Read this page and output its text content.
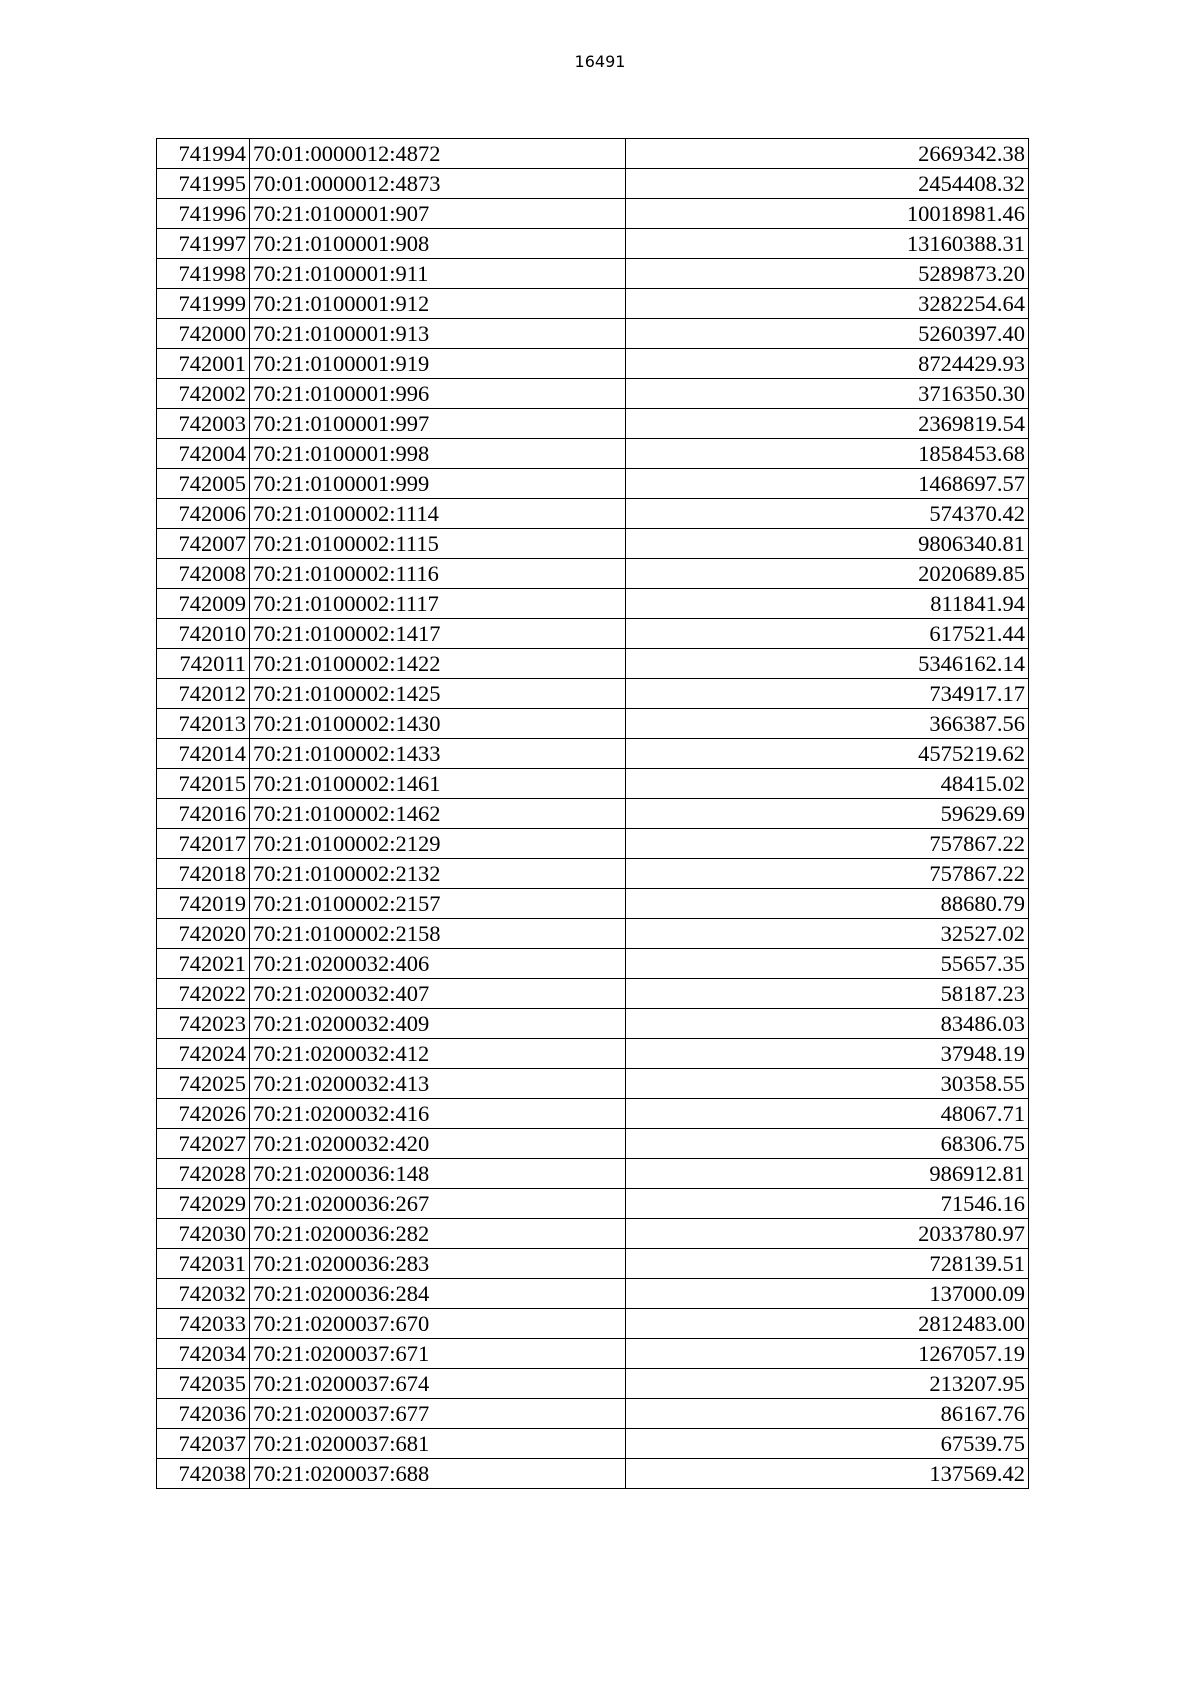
16491
741994	70:01:0000012:4872	2669342.38
741995	70:01:0000012:4873	2454408.32
741996	70:21:0100001:907	10018981.46
741997	70:21:0100001:908	13160388.31
741998	70:21:0100001:911	5289873.20
741999	70:21:0100001:912	3282254.64
742000	70:21:0100001:913	5260397.40
742001	70:21:0100001:919	8724429.93
742002	70:21:0100001:996	3716350.30
742003	70:21:0100001:997	2369819.54
742004	70:21:0100001:998	1858453.68
742005	70:21:0100001:999	1468697.57
742006	70:21:0100002:1114	574370.42
742007	70:21:0100002:1115	9806340.81
742008	70:21:0100002:1116	2020689.85
742009	70:21:0100002:1117	811841.94
742010	70:21:0100002:1417	617521.44
742011	70:21:0100002:1422	5346162.14
742012	70:21:0100002:1425	734917.17
742013	70:21:0100002:1430	366387.56
742014	70:21:0100002:1433	4575219.62
742015	70:21:0100002:1461	48415.02
742016	70:21:0100002:1462	59629.69
742017	70:21:0100002:2129	757867.22
742018	70:21:0100002:2132	757867.22
742019	70:21:0100002:2157	88680.79
742020	70:21:0100002:2158	32527.02
742021	70:21:0200032:406	55657.35
742022	70:21:0200032:407	58187.23
742023	70:21:0200032:409	83486.03
742024	70:21:0200032:412	37948.19
742025	70:21:0200032:413	30358.55
742026	70:21:0200032:416	48067.71
742027	70:21:0200032:420	68306.75
742028	70:21:0200036:148	986912.81
742029	70:21:0200036:267	71546.16
742030	70:21:0200036:282	2033780.97
742031	70:21:0200036:283	728139.51
742032	70:21:0200036:284	137000.09
742033	70:21:0200037:670	2812483.00
742034	70:21:0200037:671	1267057.19
742035	70:21:0200037:674	213207.95
742036	70:21:0200037:677	86167.76
742037	70:21:0200037:681	67539.75
742038	70:21:0200037:688	137569.42
